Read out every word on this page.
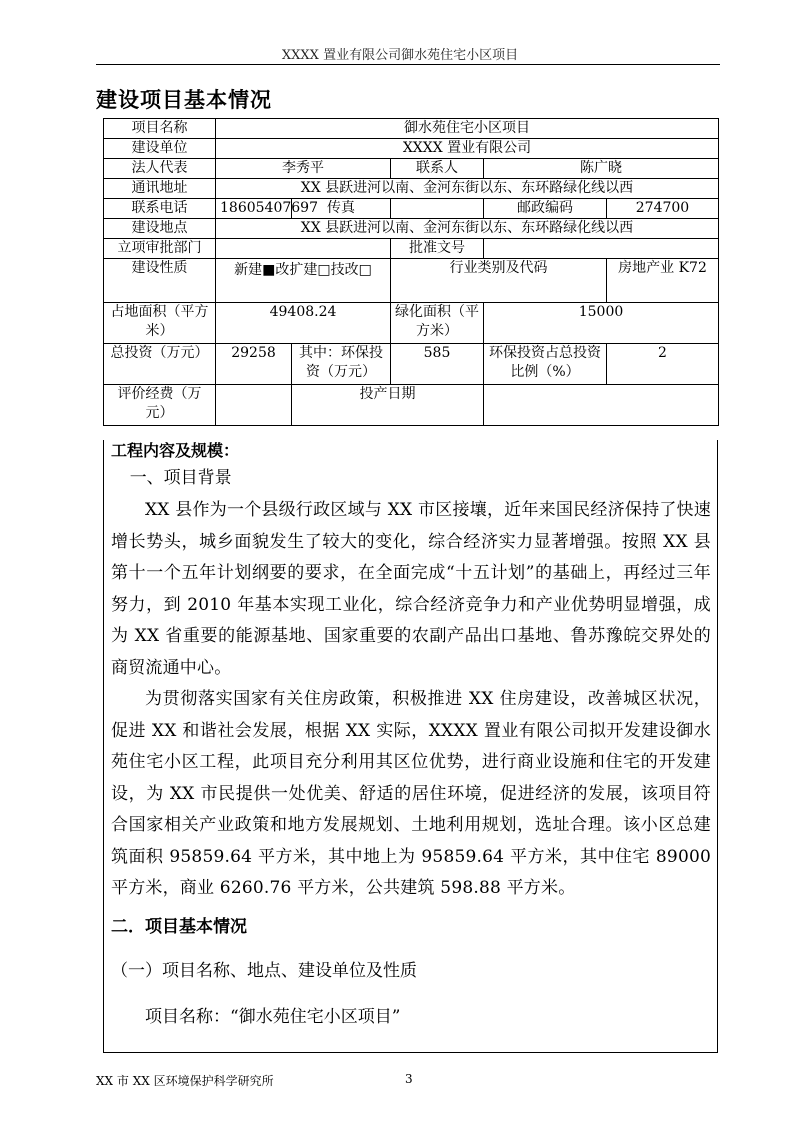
XXXX 置业有限公司御水苑住宅小区项目
建设项目基本情况
项目名称	御水苑住宅小区项目				
建设单位	XXXX 置业有限公司				
法人代表	李秀平		联系人	陈广晓	
通讯地址	XX 县跃进河以南、金河东街以东、东环路绿化线以西				
联系电话	18605407697	传真		邮政编码	274700
建设地点	XX 县跃进河以南、金河东街以东、东环路绿化线以西				
立项审批部门			批准文号		
建设性质	新建■改扩建□技改□		行业类别及代码		房地产业 K72
占地面积（平方米）	49408.24		绿化面积（平方米）	15000	
总投资（万元）	29258	其中：环保投资（万元）	585	环保投资占总投资比例（%）	2
评价经费（万元）		投产日期			
工程内容及规模：
一、项目背景

XX 县作为一个县级行政区域与 XX 市区接壤，近年来国民经济保持了快速增长势头，城乡面貌发生了较大的变化，综合经济实力显著增强。按照 XX 县第十一个五年计划纲要的要求，在全面完成“十五计划”的基础上，再经过三年努力，到 2010 年基本实现工业化，综合经济竞争力和产业优势明显增强，成为 XX 省重要的能源基地、国家重要的农副产品出口基地、鲁苏豫皖交界处的商贸流通中心。

为贯彻落实国家有关住房政策，积极推进 XX 住房建设，改善城区状况，促进 XX 和谐社会发展，根据 XX 实际，XXXX 置业有限公司拟开发建设御水苑住宅小区工程，此项目充分利用其区位优势，进行商业设施和住宅的开发建设，为 XX 市民提供一处优美、舒适的居住环境，促进经济的发展，该项目符合国家相关产业政策和地方发展规划、土地利用规划，选址合理。该小区总建筑面积 95859.64 平方米，其中地上为 95859.64 平方米，其中住宅 89000 平方米，商业 6260.76 平方米，公共建筑 598.88 平方米。

二．项目基本情况
（一）项目名称、地点、建设单位及性质
项目名称：“御水苑住宅小区项目”
XX 市 XX 区环境保护科学研究所	3
